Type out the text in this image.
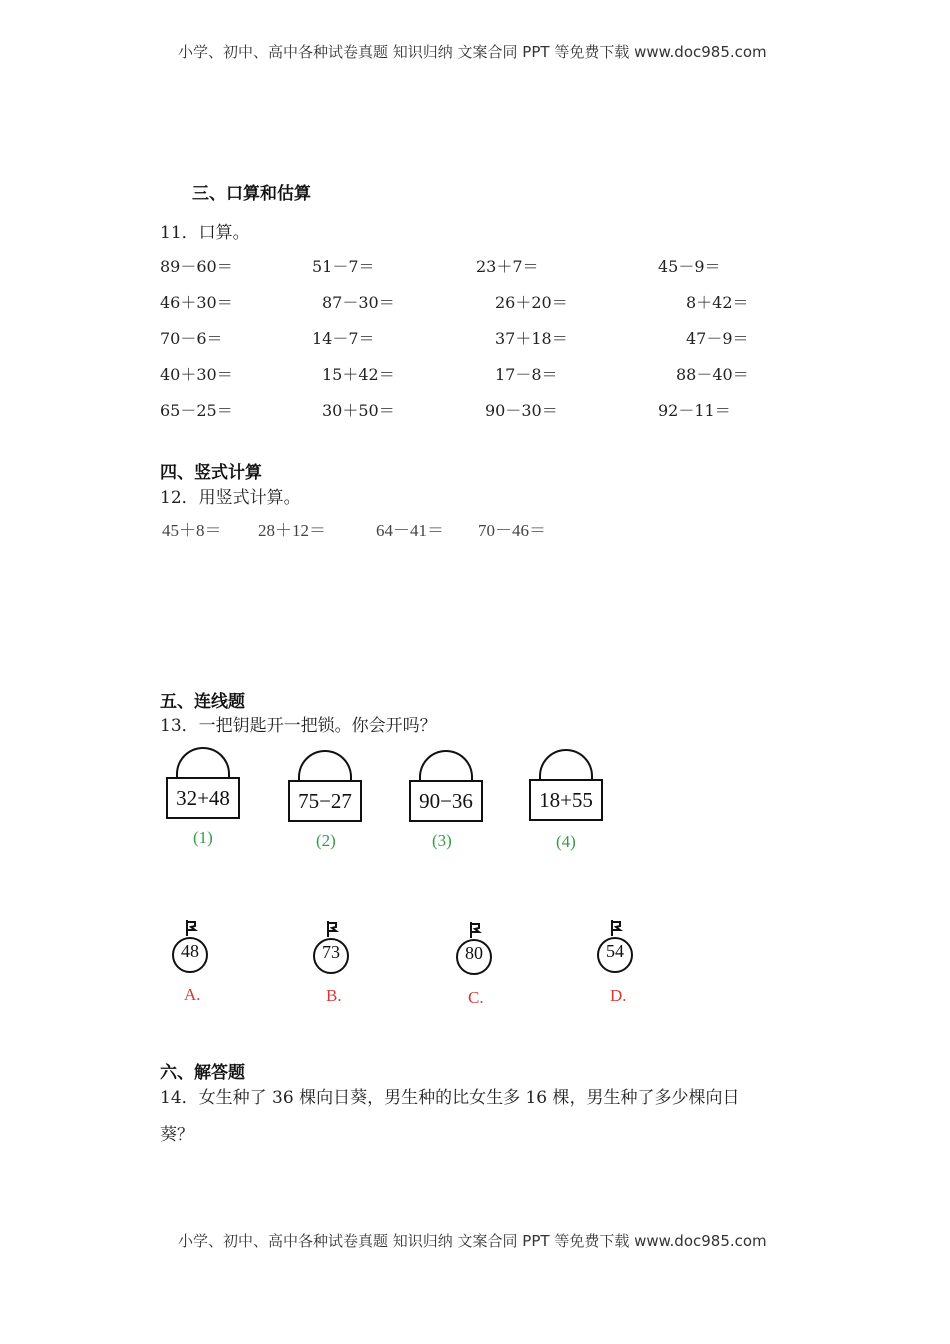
小学、初中、高中各种试卷真题 知识归纳 文案合同 PPT 等免费下载 www.doc985.com
三、口算和估算
11．口算。
89－60＝	51－7＝	23＋7＝	45－9＝
46＋30＝	87－30＝	26＋20＝	8＋42＝
70－6＝	14－7＝	37＋18＝	47－9＝
40＋30＝	15＋42＝	17－8＝	88－40＝
65－25＝	30＋50＝	90－30＝	92－11＝
四、竖式计算
12．用竖式计算。
45＋8＝ 28＋12＝	64－41＝ 70－46＝
五、连线题
13．一把钥匙开一把锁。你会开吗？
32+48
(1)
75−27
(2)
90−36
(3)
18+55
(4)
48
A.
73
B.
80
C.
54
D.
六、解答题
14．女生种了 36 棵向日葵，男生种的比女生多 16 棵，男生种了多少棵向日
葵？
小学、初中、高中各种试卷真题 知识归纳 文案合同 PPT 等免费下载 www.doc985.com
